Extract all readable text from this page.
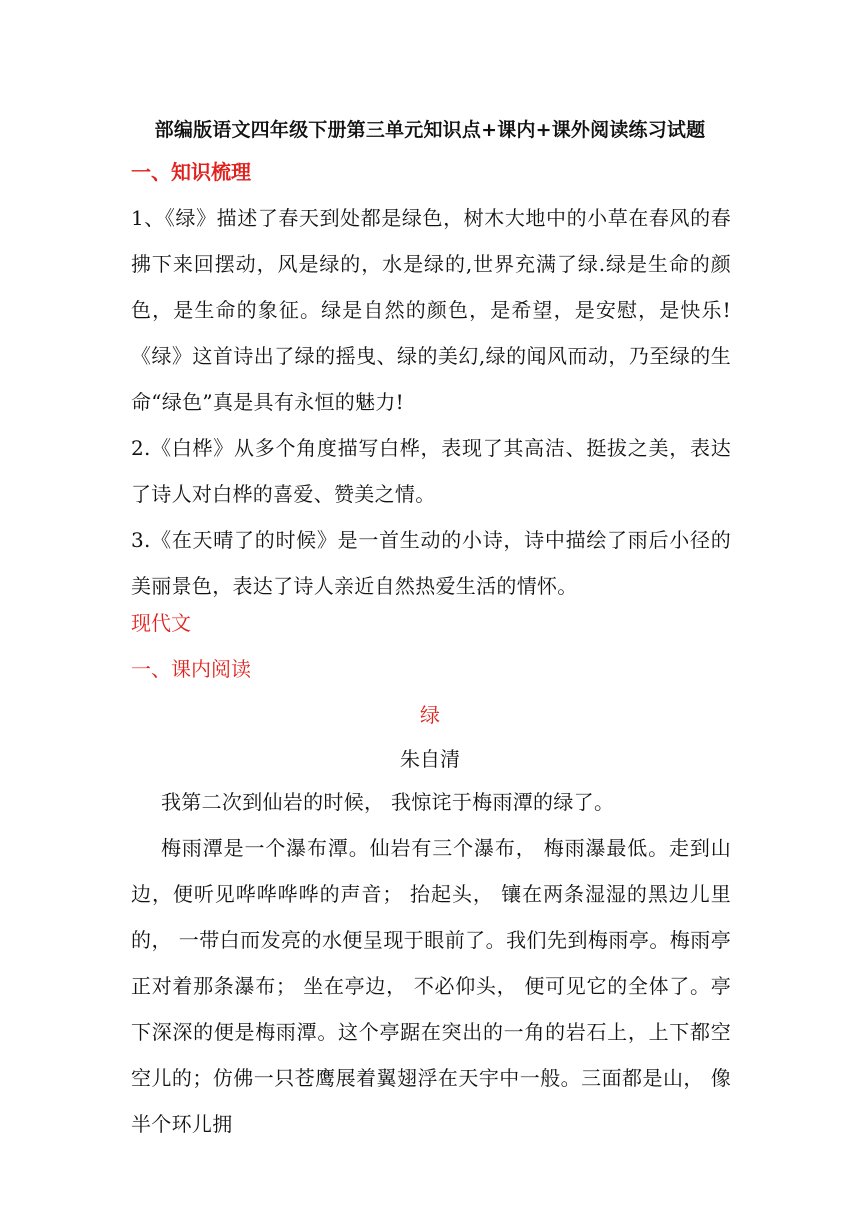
部编版语文四年级下册第三单元知识点+课内+课外阅读练习试题
一、知识梳理

1、《绿》描述了春天到处都是绿色，树木大地中的小草在春风的春拂下来回摆动，风是绿的，水是绿的,世界充满了绿.绿是生命的颜色，是生命的象征。绿是自然的颜色，是希望，是安慰，是快乐!《绿》这首诗出了绿的摇曳、绿的美幻,绿的闻风而动，乃至绿的生命“绿色”真是具有永恒的魅力!

2.《白桦》从多个角度描写白桦，表现了其高洁、挺拔之美，表达了诗人对白桦的喜爱、赞美之情。

3.《在天晴了的时候》是一首生动的小诗，诗中描绘了雨后小径的美丽景色，表达了诗人亲近自然热爱生活的情怀。

现代文
一、课内阅读
绿
朱自清

我第二次到仙岩的时候， 我惊诧于梅雨潭的绿了。

梅雨潭是一个瀑布潭。仙岩有三个瀑布， 梅雨瀑最低。走到山边，便听见哗哗哗哗的声音； 抬起头， 镶在两条湿湿的黑边儿里的， 一带白而发亮的水便呈现于眼前了。我们先到梅雨亭。梅雨亭正对着那条瀑布； 坐在亭边， 不必仰头， 便可见它的全体了。亭下深深的便是梅雨潭。这个亭踞在突出的一角的岩石上，上下都空空儿的；仿佛一只苍鹰展着翼翅浮在天宇中一般。三面都是山， 像半个环儿拥
